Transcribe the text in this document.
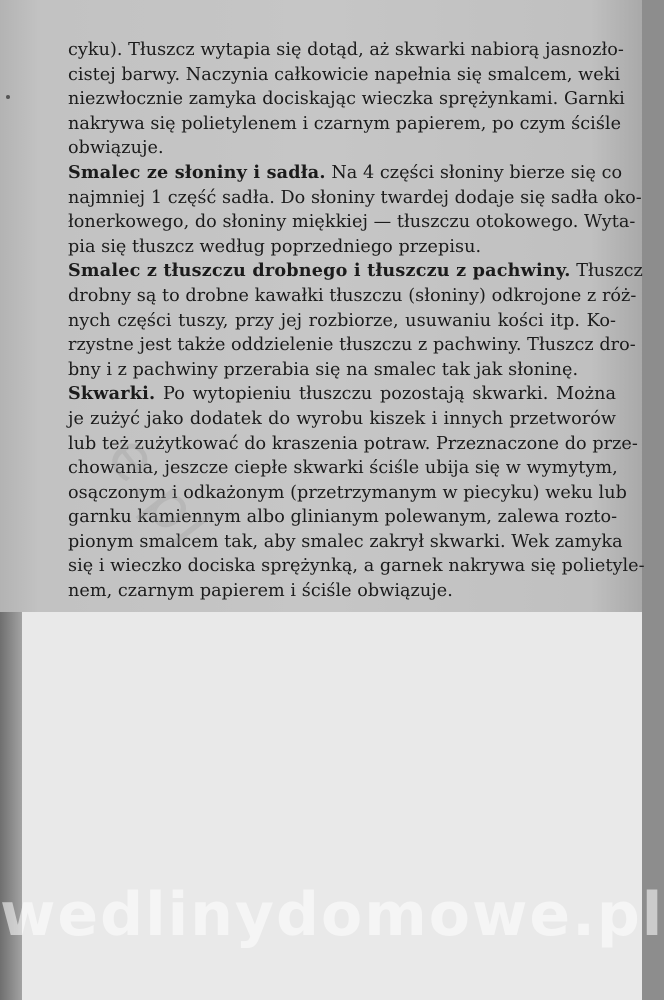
cyku). Tłuszcz wytapia się dotąd, aż skwarki nabiorą jasnozło-
cistej barwy. Naczynia całkowicie napełnia się smalcem, weki
niezwłocznie zamyka dociskając wieczka sprężynkami. Garnki
nakrywa się polietylenem i czarnym papierem, po czym ściśle
obwiązuje.

Smalec ze słoniny i sadła. Na 4 części słoniny bierze się co
najmniej 1 część sadła. Do słoniny twardej dodaje się sadła oko-
łonerkowego, do słoniny miękkiej — tłuszczu otokowego. Wyta-
pia się tłuszcz według poprzedniego przepisu.

Smalec z tłuszczu drobnego i tłuszczu z pachwiny. Tłuszcz
drobny są to drobne kawałki tłuszczu (słoniny) odkrojone z róż-
nych części tuszy, przy jej rozbiorze, usuwaniu kości itp. Ko-
rzystne jest także oddzielenie tłuszczu z pachwiny. Tłuszcz dro-
bny i z pachwiny przerabia się na smalec tak jak słoninę.

Skwarki. Po wytopieniu tłuszczu pozostają skwarki. Można
je zużyć jako dodatek do wyrobu kiszek i innych przetworów
lub też zużytkować do kraszenia potraw. Przeznaczone do prze-
chowania, jeszcze ciepłe skwarki ściśle ubija się w wymytym,
osączonym i odkażonym (przetrzymanym w piecyku) weku lub
garnku kamiennym albo glinianym polewanym, zalewa rozto-
pionym smalcem tak, aby smalec zakrył skwarki. Wek zamyka
się i wieczko dociska sprężynką, a garnek nakrywa się polietyle-
nem, czarnym papierem i ściśle obwiązuje.

e.pl
wedlinydomowe.pl
